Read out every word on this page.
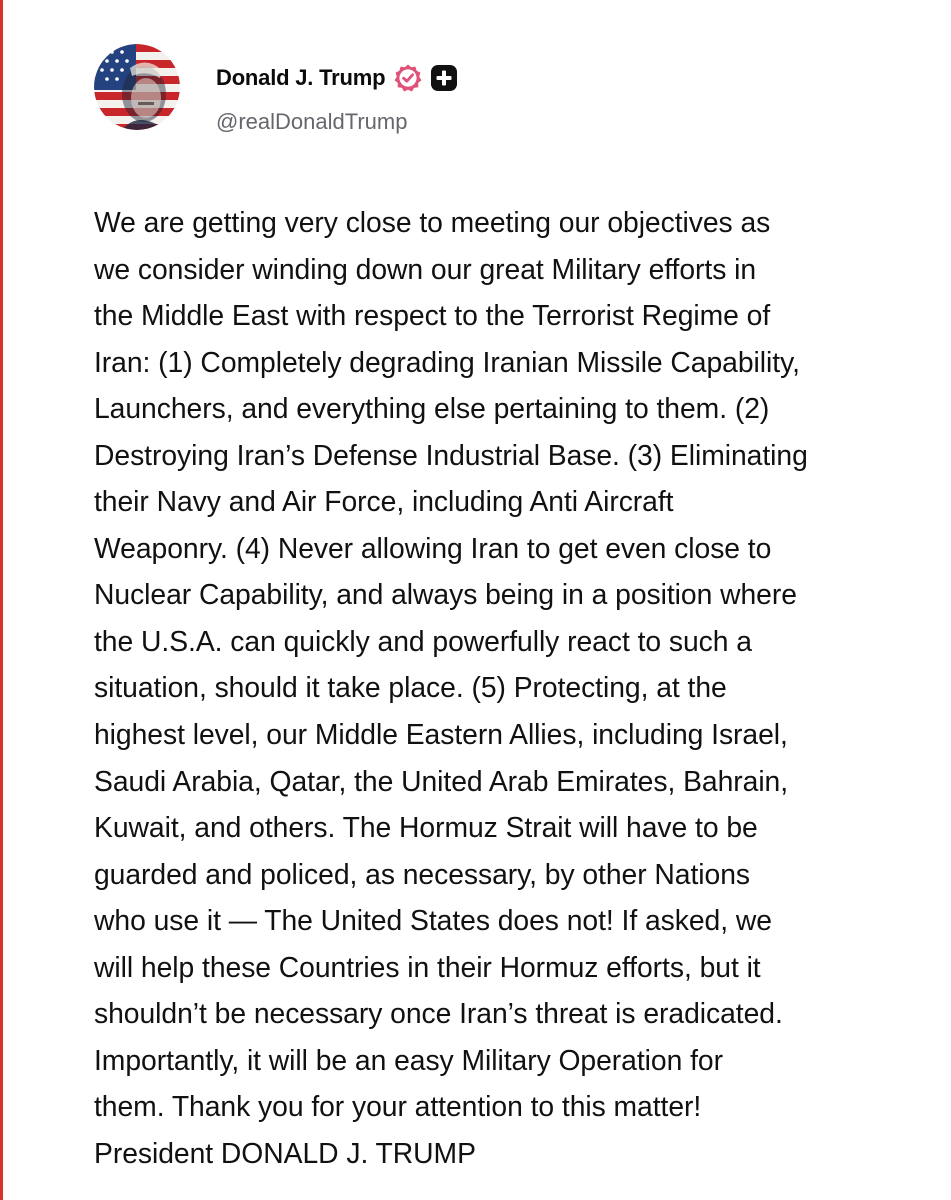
Donald J. Trump
@realDonaldTrump
We are getting very close to meeting our objectives as
we consider winding down our great Military efforts in
the Middle East with respect to the Terrorist Regime of
Iran: (1) Completely degrading Iranian Missile Capability,
Launchers, and everything else pertaining to them. (2)
Destroying Iran’s Defense Industrial Base. (3) Eliminating
their Navy and Air Force, including Anti Aircraft
Weaponry. (4) Never allowing Iran to get even close to
Nuclear Capability, and always being in a position where
the U.S.A. can quickly and powerfully react to such a
situation, should it take place. (5) Protecting, at the
highest level, our Middle Eastern Allies, including Israel,
Saudi Arabia, Qatar, the United Arab Emirates, Bahrain,
Kuwait, and others. The Hormuz Strait will have to be
guarded and policed, as necessary, by other Nations
who use it — The United States does not! If asked, we
will help these Countries in their Hormuz efforts, but it
shouldn’t be necessary once Iran’s threat is eradicated.
Importantly, it will be an easy Military Operation for
them. Thank you for your attention to this matter!
President DONALD J. TRUMP
